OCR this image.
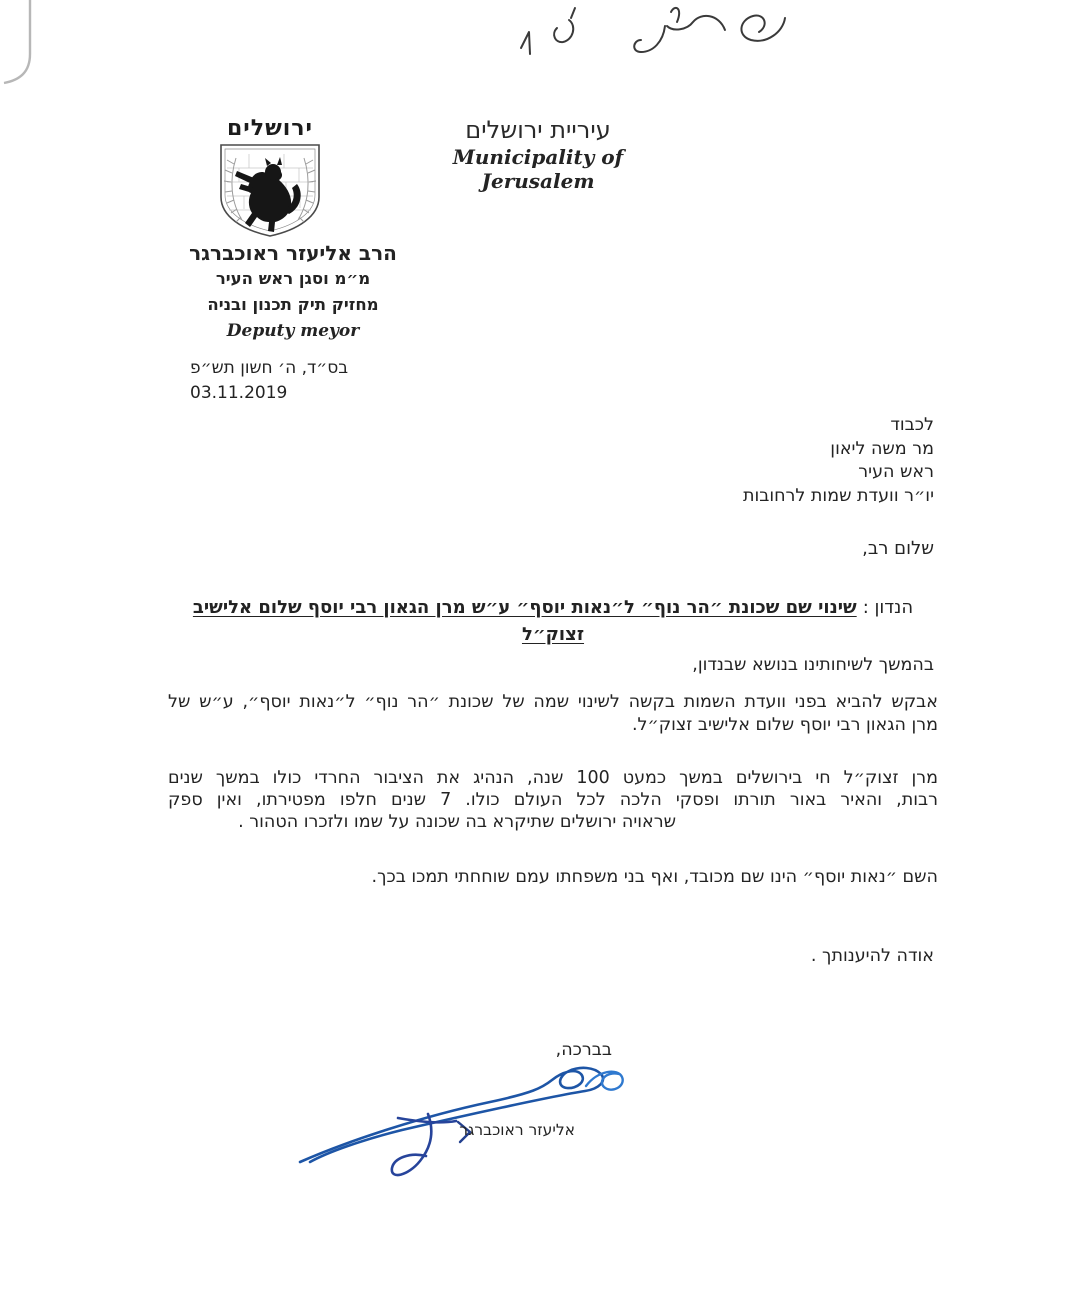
ירושלים	עיריית ירושלים
Municipality of Jerusalem
הרב אליעזר ראוכברגר
מ״מ וסגן ראש העיר
מחזיק תיק תכנון ובניה
Deputy meyor
בס״ד, ה׳ חשון תש״פ
03.11.2019
לכבוד
מר משה ליאון
ראש העיר
יו״ר וועדת שמות לרחובות
שלום רב,
הנדון :שינוי שם שכונת ״הר נוף״ ל״נאות יוסף״ ע״ש מרן הגאון רבי יוסף שלום אלישיב
זצוק״ל
בהמשך לשיחותינו בנושא שבנדון,
אבקש להביא בפני וועדת השמות בקשה לשינוי שמה של שכונת ״הר נוף״ ל״נאות יוסף״, ע״ש של
מרן הגאון רבי יוסף שלום אלישיב זצוק״ל.
מרן זצוק״ל חי בירושלים במשך כמעט 100 שנה, הנהיג את הציבור החרדי כולו במשך שנים
רבות, והאיר באור תורתו ופסקי הלכה לכל העולם כולו. 7 שנים חלפו מפטירתו, ואין ספק
שראויה ירושלים שתיקרא בה שכונה על שמו ולזכרו הטהור .
השם ״נאות יוסף״ הינו שם מכובד, ואף בני משפחתו עמם שוחחתי תמכו בכך.
אודה להיענותך .
בברכה,
אליעזר ראוכברגר
